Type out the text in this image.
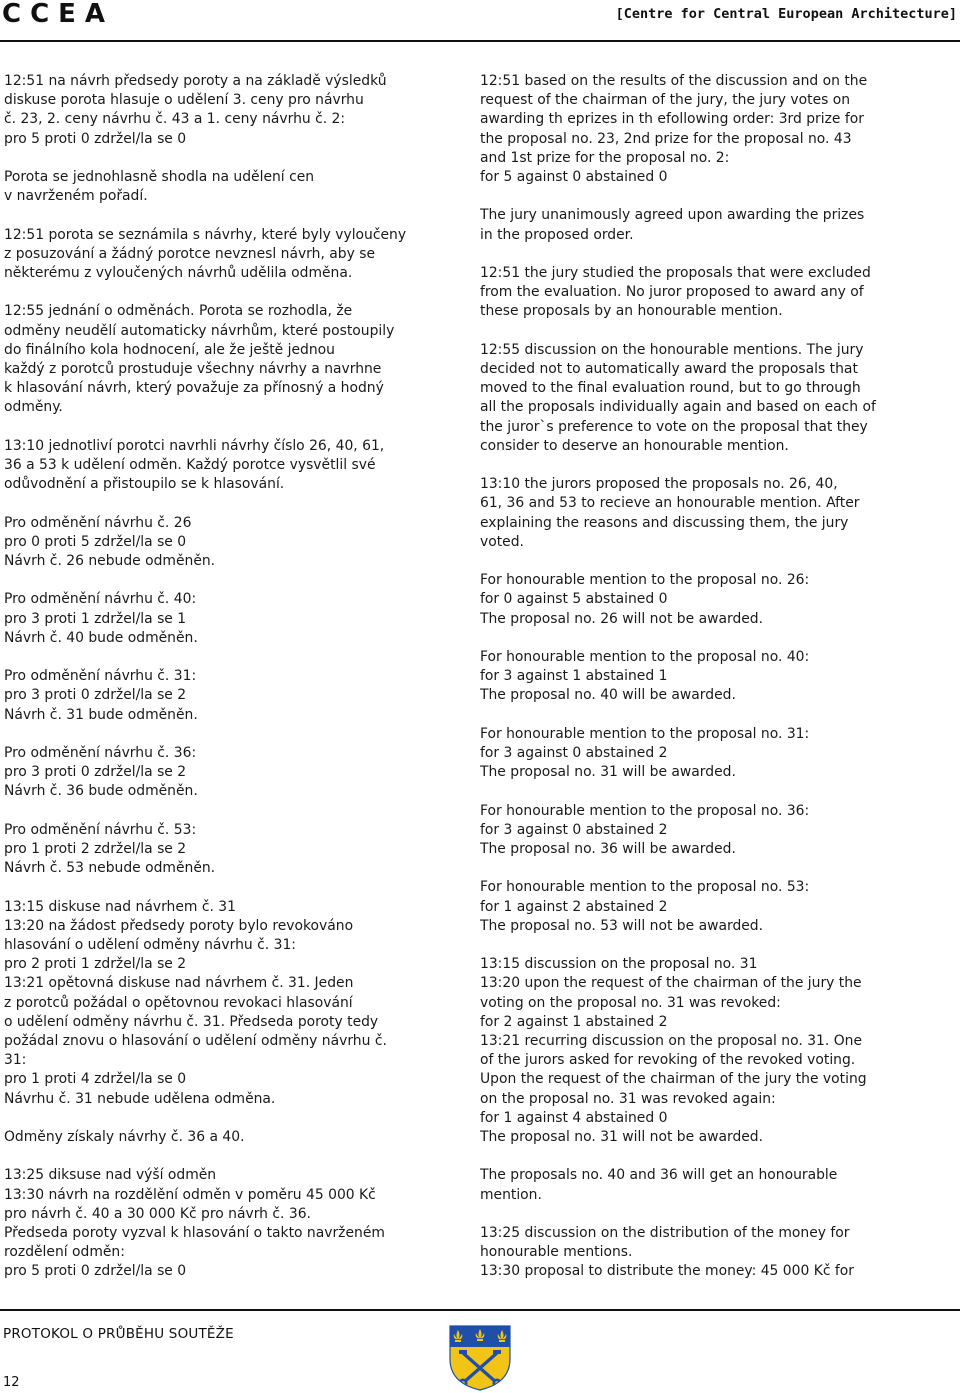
CCEA	[Centre for Central European Architecture]

12:51 na návrh předsedy poroty a na základě výsledků
diskuse porota hlasuje o udělení 3. ceny pro návrhu
č. 23, 2. ceny návrhu č. 43 a 1. ceny návrhu č. 2:
pro 5 proti 0 zdržel/la se 0

Porota se jednohlasně shodla na udělení cen
v navrženém pořadí.

12:51 porota se seznámila s návrhy, které byly vyloučeny
z posuzování a žádný porotce nevznesl návrh, aby se
některému z vyloučených návrhů udělila odměna.

12:55 jednání o odměnách. Porota se rozhodla, že
odměny neudělí automaticky návrhům, které postoupily
do finálního kola hodnocení, ale že ještě jednou
každý z porotců prostuduje všechny návrhy a navrhne
k hlasování návrh, který považuje za přínosný a hodný
odměny.

13:10 jednotliví porotci navrhli návrhy číslo 26, 40, 61,
36 a 53 k udělení odměn. Každý porotce vysvětlil své
odůvodnění a přistoupilo se k hlasování.

Pro odměnění návrhu č. 26
pro 0 proti 5 zdržel/la se 0
Návrh č. 26 nebude odměněn.

Pro odměnění návrhu č. 40:
pro 3 proti 1 zdržel/la se 1
Návrh č. 40 bude odměněn.

Pro odměnění návrhu č. 31:
pro 3 proti 0 zdržel/la se 2
Návrh č. 31 bude odměněn.

Pro odměnění návrhu č. 36:
pro 3 proti 0 zdržel/la se 2
Návrh č. 36 bude odměněn.

Pro odměnění návrhu č. 53:
pro 1 proti 2 zdržel/la se 2
Návrh č. 53 nebude odměněn.

13:15 diskuse nad návrhem č. 31
13:20 na žádost předsedy poroty bylo revokováno
hlasování o udělení odměny návrhu č. 31:
pro 2 proti 1 zdržel/la se 2
13:21 opětovná diskuse nad návrhem č. 31. Jeden
z porotců požádal o opětovnou revokaci hlasování
o udělení odměny návrhu č. 31. Předseda poroty tedy
požádal znovu o hlasování o udělení odměny návrhu č.
31:
pro 1 proti 4 zdržel/la se 0
Návrhu č. 31 nebude udělena odměna.

Odměny získaly návrhy č. 36 a 40.

13:25 diksuse nad výší odměn
13:30 návrh na rozdělění odměn v poměru 45 000 Kč
pro návrh č. 40 a 30 000 Kč pro návrh č. 36.
Předseda poroty vyzval k hlasování o takto navrženém
rozdělení odměn:
pro 5 proti 0 zdržel/la se 0

12:51 based on the results of the discussion and on the
request of the chairman of the jury, the jury votes on
awarding th eprizes in th efollowing order: 3rd prize for
the proposal no. 23, 2nd prize for the proposal no. 43
and 1st prize for the proposal no. 2:
for 5 against 0 abstained 0

The jury unanimously agreed upon awarding the prizes
in the proposed order.

12:51 the jury studied the proposals that were excluded
from the evaluation. No juror proposed to award any of
these proposals by an honourable mention.

12:55 discussion on the honourable mentions. The jury
decided not to automatically award the proposals that
moved to the final evaluation round, but to go through
all the proposals individually again and based on each of
the juror`s preference to vote on the proposal that they
consider to deserve an honourable mention.

13:10 the jurors proposed the proposals no. 26, 40,
61, 36 and 53 to recieve an honourable mention. After
explaining the reasons and discussing them, the jury
voted.

For honourable mention to the proposal no. 26:
for 0 against 5 abstained 0
The proposal no. 26 will not be awarded.

For honourable mention to the proposal no. 40:
for 3 against 1 abstained 1
The proposal no. 40 will be awarded.

For honourable mention to the proposal no. 31:
for 3 against 0 abstained 2
The proposal no. 31 will be awarded.

For honourable mention to the proposal no. 36:
for 3 against 0 abstained 2
The proposal no. 36 will be awarded.

For honourable mention to the proposal no. 53:
for 1 against 2 abstained 2
The proposal no. 53 will not be awarded.

13:15 discussion on the proposal no. 31
13:20 upon the request of the chairman of the jury the
voting on the proposal no. 31 was revoked:
for 2 against 1 abstained 2
13:21 recurring discussion on the proposal no. 31. One
of the jurors asked for revoking of the revoked voting.
Upon the request of the chairman of the jury the voting
on the proposal no. 31 was revoked again:
for 1 against 4 abstained 0
The proposal no. 31 will not be awarded.

The proposals no. 40 and 36 will get an honourable
mention.

13:25 discussion on the distribution of the money for
honourable mentions.
13:30 proposal to distribute the money: 45 000 Kč for

PROTOKOL O PRŮBĚHU SOUTĚŽE
12
